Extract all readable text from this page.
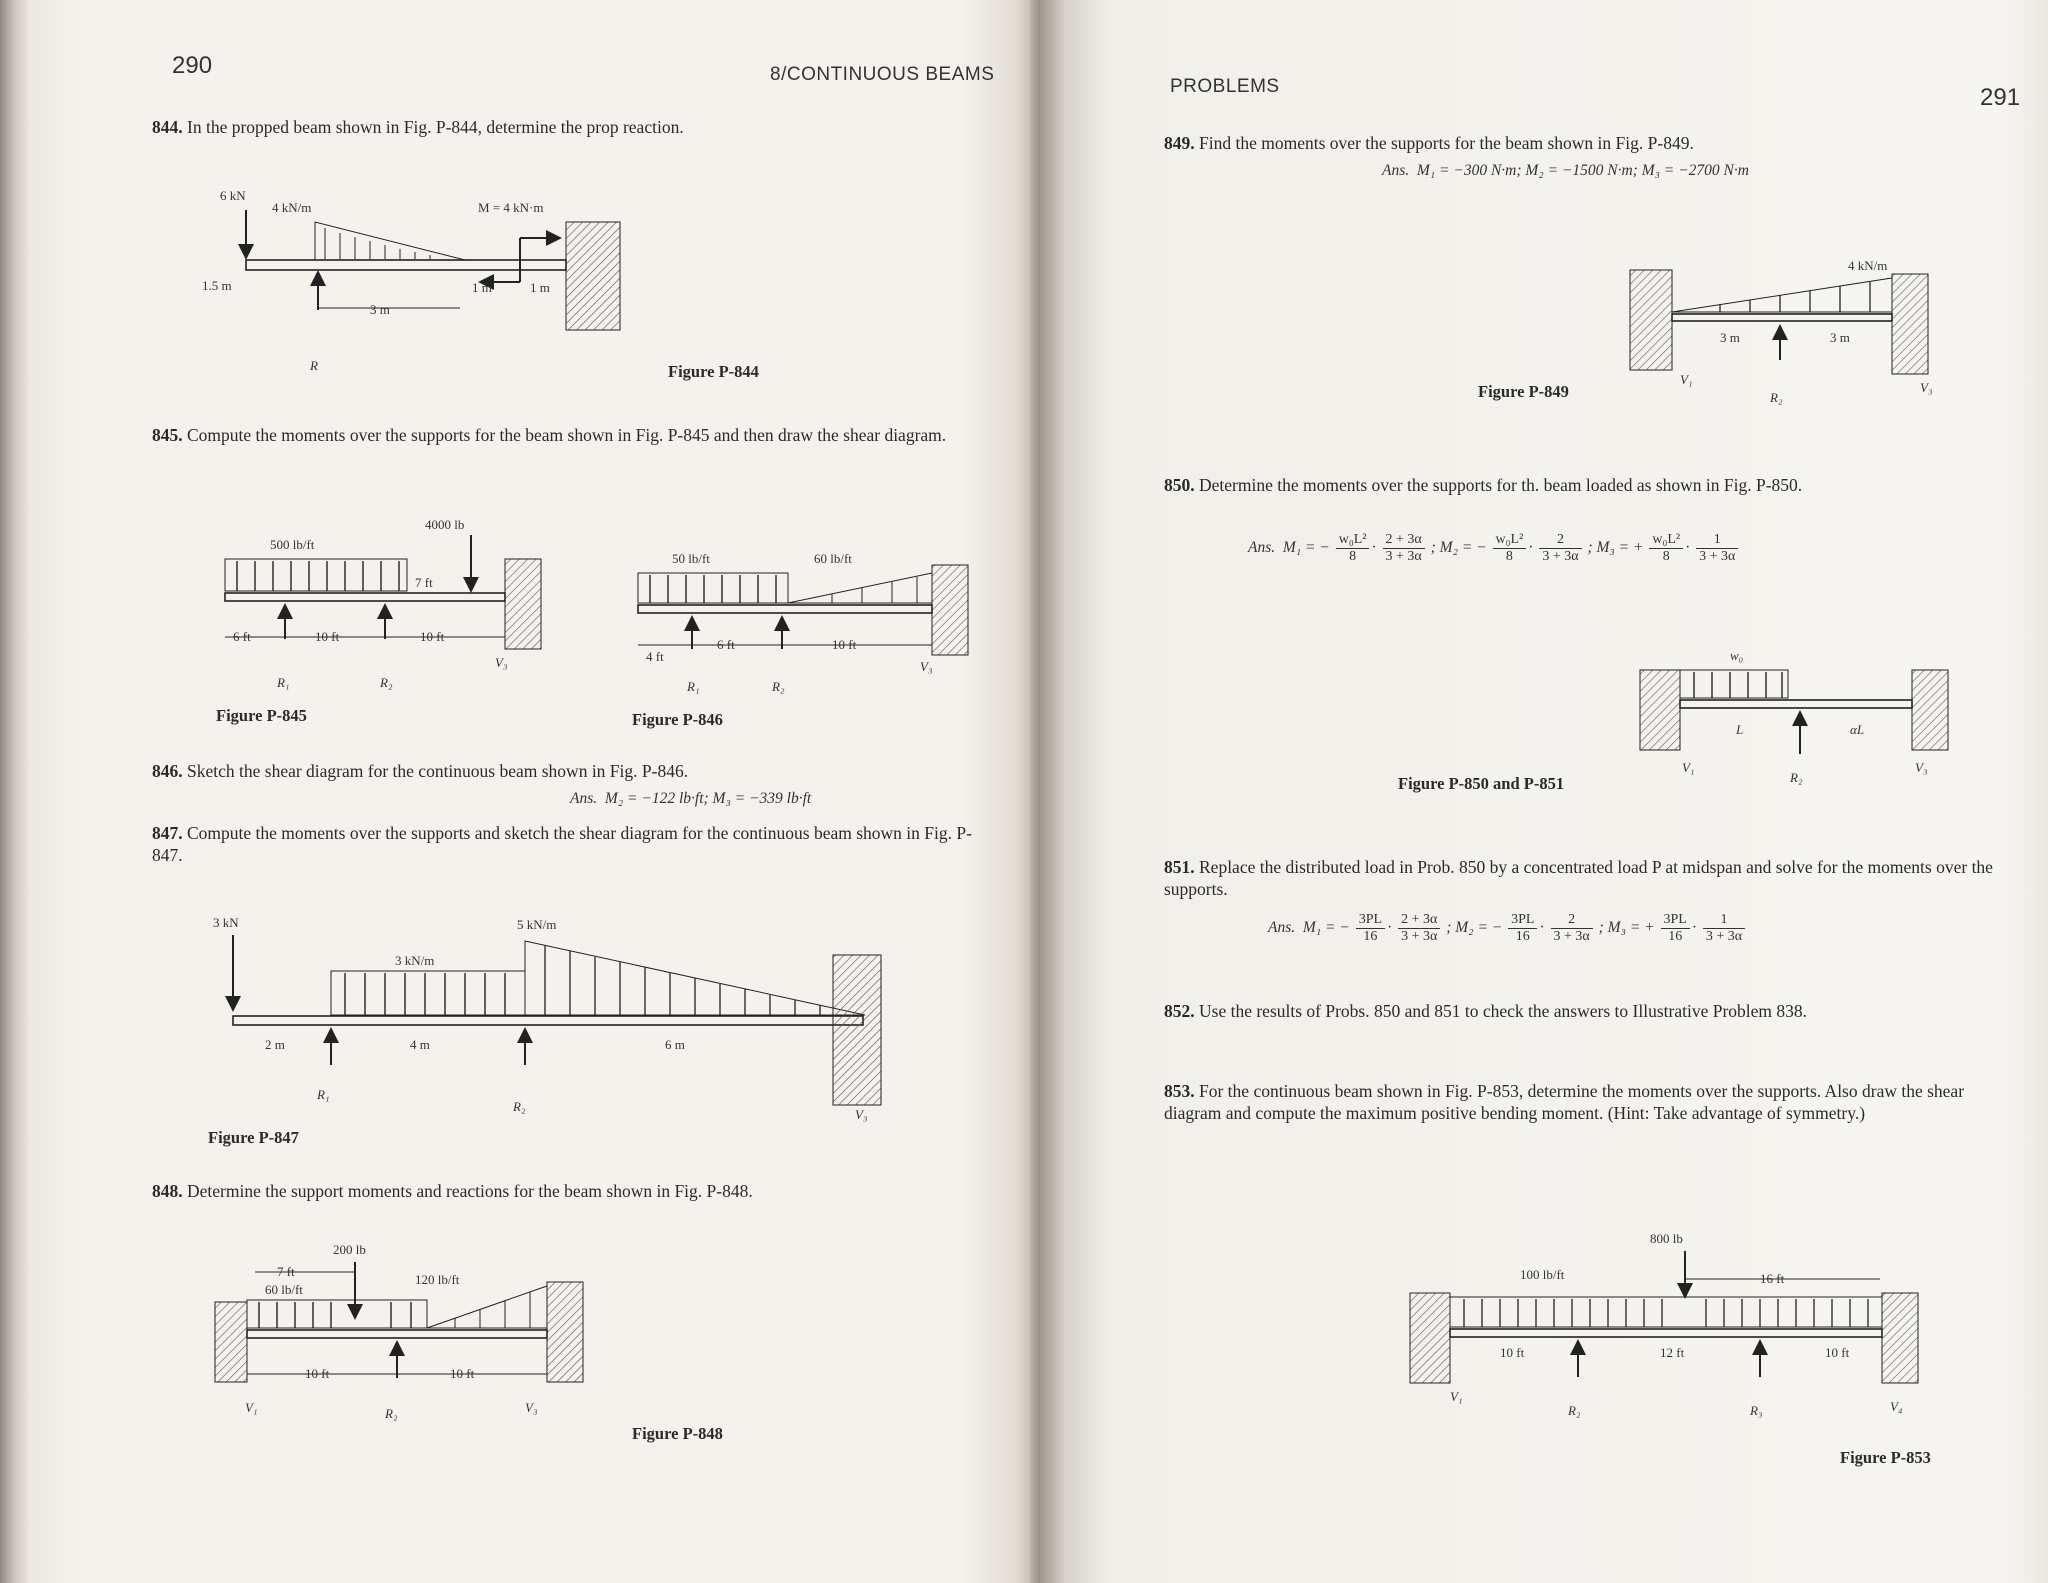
290	8/CONTINUOUS BEAMS
844. In the propped beam shown in Fig. P-844, determine the prop reaction.
6 kN
4 kN/m	M = 4 kN·m
1.5 m
3 m
1 m	1 m
R	Figure P-844
845. Compute the moments over the supports for the beam shown in Fig. P-845 and then draw the shear diagram.
4000 lb
500 lb/ft
7 ft
6 ft	10 ft	10 ft
R₁	R₂
V₃
Figure P-845
50 lb/ft	60 lb/ft
4 ft
6 ft	10 ft
R₁	R₂
V₃
Figure P-846
846. Sketch the shear diagram for the continuous beam shown in Fig. P-846.
Ans. M₂ = −122 lb·ft; M₃ = −339 lb·ft
847. Compute the moments over the supports and sketch the shear diagram for the continuous beam shown in Fig. P-847.
3 kN
3 kN/m
5 kN/m
2 m	4 m	6 m
R₁
R₂
V₃
Figure P-847
848. Determine the support moments and reactions for the beam shown in Fig. P-848.
200 lb
7 ft
60 lb/ft
120 lb/ft
10 ft	10 ft
V₁	R₂	V₃
Figure P-848
PROBLEMS	291
849. Find the moments over the supports for the beam shown in Fig. P-849.
Ans. M₁ = −300 N·m; M₂ = −1500 N·m; M₃ = −2700 N·m
4 kN/m
3 m	3 m
V₁
R₂
V₃
Figure P-849
850. Determine the moments over the supports for th. beam loaded as shown in Fig. P-850.
Ans. M₁ = − $\frac{\text{w₀L²}}{8} \cdot \frac{2 + 3\alpha}{3 + 3\alpha}$ ; M₂ = − $\frac{\text{w₀L²}}{8} \cdot \frac{2}{3 + 3\alpha}$ ; M₃ = + $\frac{\text{w₀L²}}{8} \cdot \frac{1}{3 + 3\alpha}$
w₀
L	αL
V₁
R₂
V₃
Figure P-850 and P-851
851. Replace the distributed load in Prob. 850 by a concentrated load P at midspan and solve for the moments over the supports.
Ans. M₁ = − $\frac{3PL}{16} \cdot \frac{2 + 3\alpha}{3 + 3\alpha}$ ; M₂ = − $\frac{3PL}{16} \cdot \frac{2}{3 + 3\alpha}$ ; M₃ = + $\frac{3PL}{16} \cdot \frac{1}{3 + 3\alpha}$
852. Use the results of Probs. 850 and 851 to check the answers to Illustrative Problem 838.
853. For the continuous beam shown in Fig. P-853, determine the moments over the supports. Also draw the shear diagram and compute the maximum positive bending moment. (Hint: Take advantage of symmetry.)
800 lb
100 lb/ft	16 ft
10 ft	12 ft	10 ft
V₁
R₂	R₃	V₄
Figure P-853
